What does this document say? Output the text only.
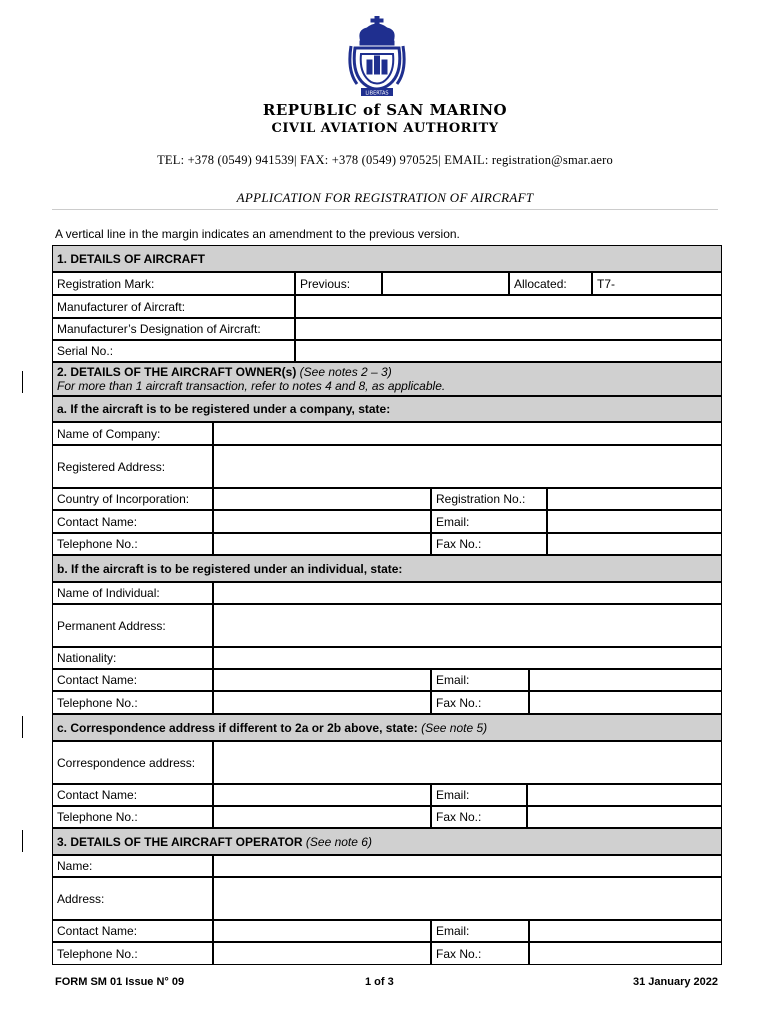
LIBERTAS
REPUBLIC of SAN MARINO
CIVIL AVIATION AUTHORITY
TEL: +378 (0549) 941539| FAX: +378 (0549) 970525| EMAIL: registration@smar.aero
APPLICATION FOR REGISTRATION OF AIRCRAFT
A vertical line in the margin indicates an amendment to the previous version.
1. DETAILS OF AIRCRAFT
Registration Mark:	Previous:	Allocated:	T7-
Manufacturer of Aircraft:
Manufacturer’s Designation of Aircraft:
Serial No.:
2. DETAILS OF THE AIRCRAFT OWNER(s) (See notes 2 – 3)
For more than 1 aircraft transaction, refer to notes 4 and 8, as applicable.
a. If the aircraft is to be registered under a company, state:
Name of Company:
Registered Address:
Country of Incorporation:	Registration No.:
Contact Name:	Email:
Telephone No.:	Fax No.:
b. If the aircraft is to be registered under an individual, state:
Name of Individual:
Permanent Address:
Nationality:
Contact Name:	Email:
Telephone No.:	Fax No.:
c. Correspondence address if different to 2a or 2b above, state:
(See note 5)
Correspondence address:
Contact Name:	Email:
Telephone No.:	Fax No.:
3. DETAILS OF THE AIRCRAFT OPERATOR
(See note 6)
Name:
Address:
Contact Name:	Email:
Telephone No.:	Fax No.:
FORM SM 01 Issue N° 09	1 of 3	31 January 2022
